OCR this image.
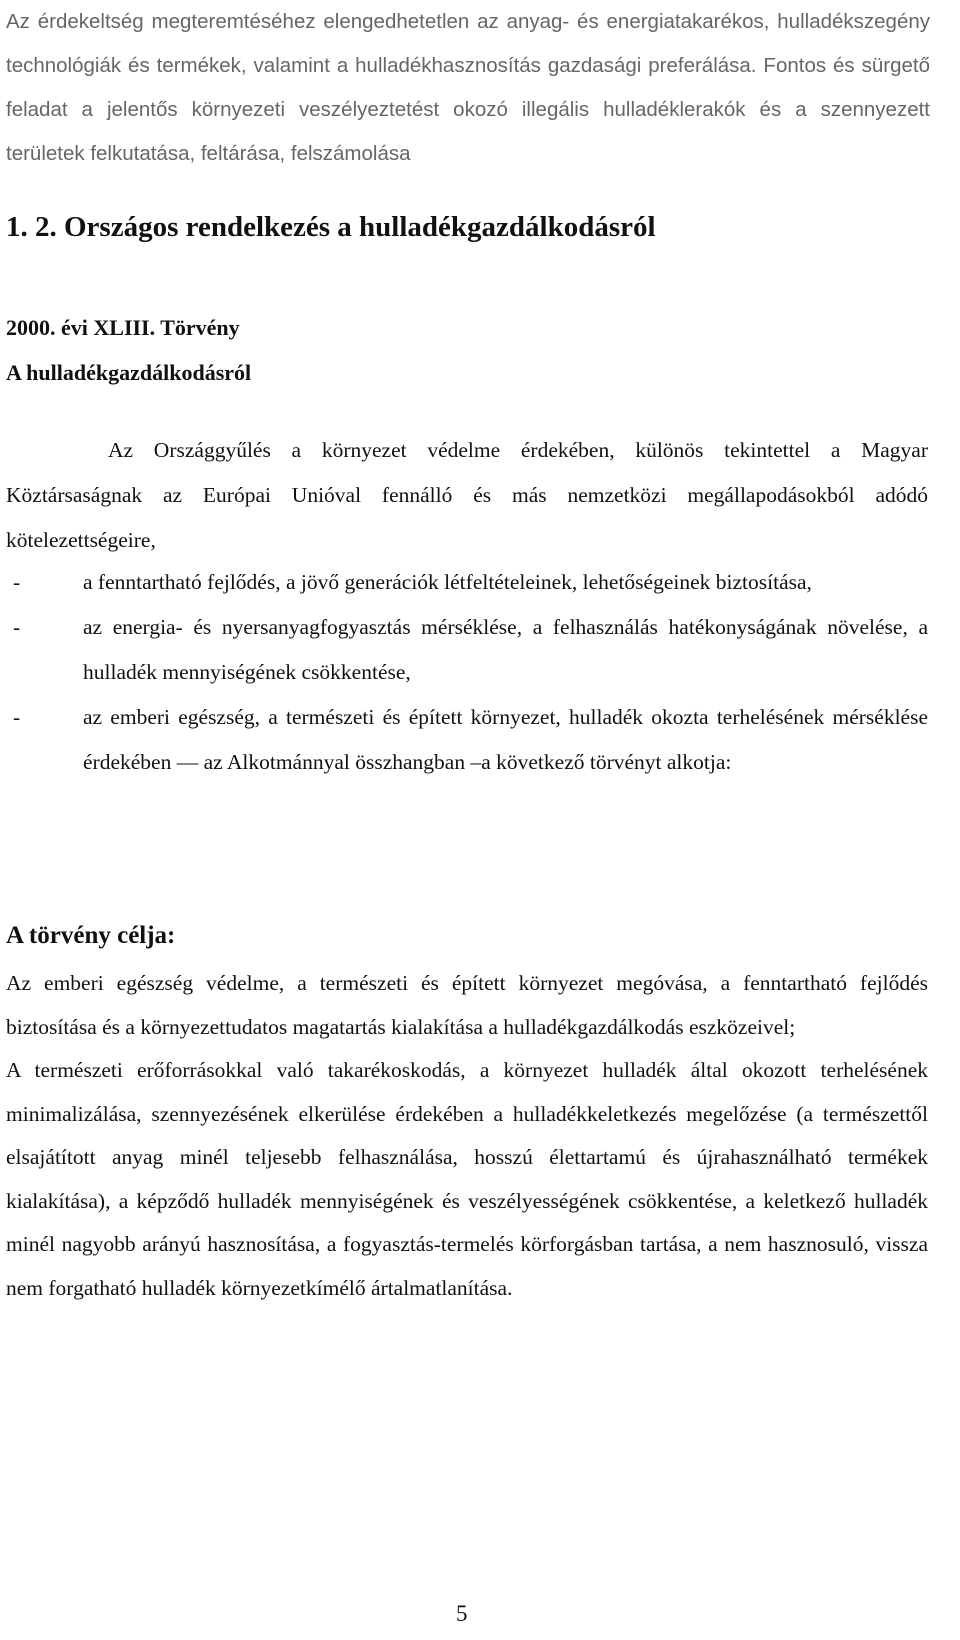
Az érdekeltség megteremtéséhez elengedhetetlen az anyag- és energiatakarékos, hulladékszegény technológiák és termékek, valamint a hulladékhasznosítás gazdasági preferálása. Fontos és sürgető feladat a jelentős környezeti veszélyeztetést okozó illegális hulladéklerakók és a szennyezett területek felkutatása, feltárása, felszámolása

1. 2. Országos rendelkezés a hulladékgazdálkodásról

2000. évi XLIII. Törvény

A hulladékgazdálkodásról

Az Országgyűlés a környezet védelme érdekében, különös tekintettel a Magyar Köztársaságnak az Európai Unióval fennálló és más nemzetközi megállapodásokból adódó kötelezettségeire,

-	a fenntartható fejlődés, a jövő generációk létfeltételeinek, lehetőségeinek biztosítása,
-	az energia- és nyersanyagfogyasztás mérséklése, a felhasználás hatékonyságának növelése, a hulladék mennyiségének csökkentése,
-	az emberi egészség, a természeti és épített környezet, hulladék okozta terhelésének mérséklése érdekében — az Alkotmánnyal összhangban –a következő törvényt alkotja:
A törvény célja:

Az emberi egészség védelme, a természeti és épített környezet megóvása, a fenntartható fejlődés biztosítása és a környezettudatos magatartás kialakítása a hulladékgazdálkodás eszközeivel;

A természeti erőforrásokkal való takarékoskodás, a környezet hulladék által okozott terhelésének minimalizálása, szennyezésének elkerülése érdekében a hulladékkeletkezés megelőzése (a természettől elsajátított anyag minél teljesebb felhasználása, hosszú élettartamú és újrahasználható termékek kialakítása), a képződő hulladék mennyiségének és veszélyességének csökkentése, a keletkező hulladék minél nagyobb arányú hasznosítása, a fogyasztás-termelés körforgásban tartása, a nem hasznosuló, vissza nem forgatható hulladék környezetkímélő ártalmatlanítása.

5
